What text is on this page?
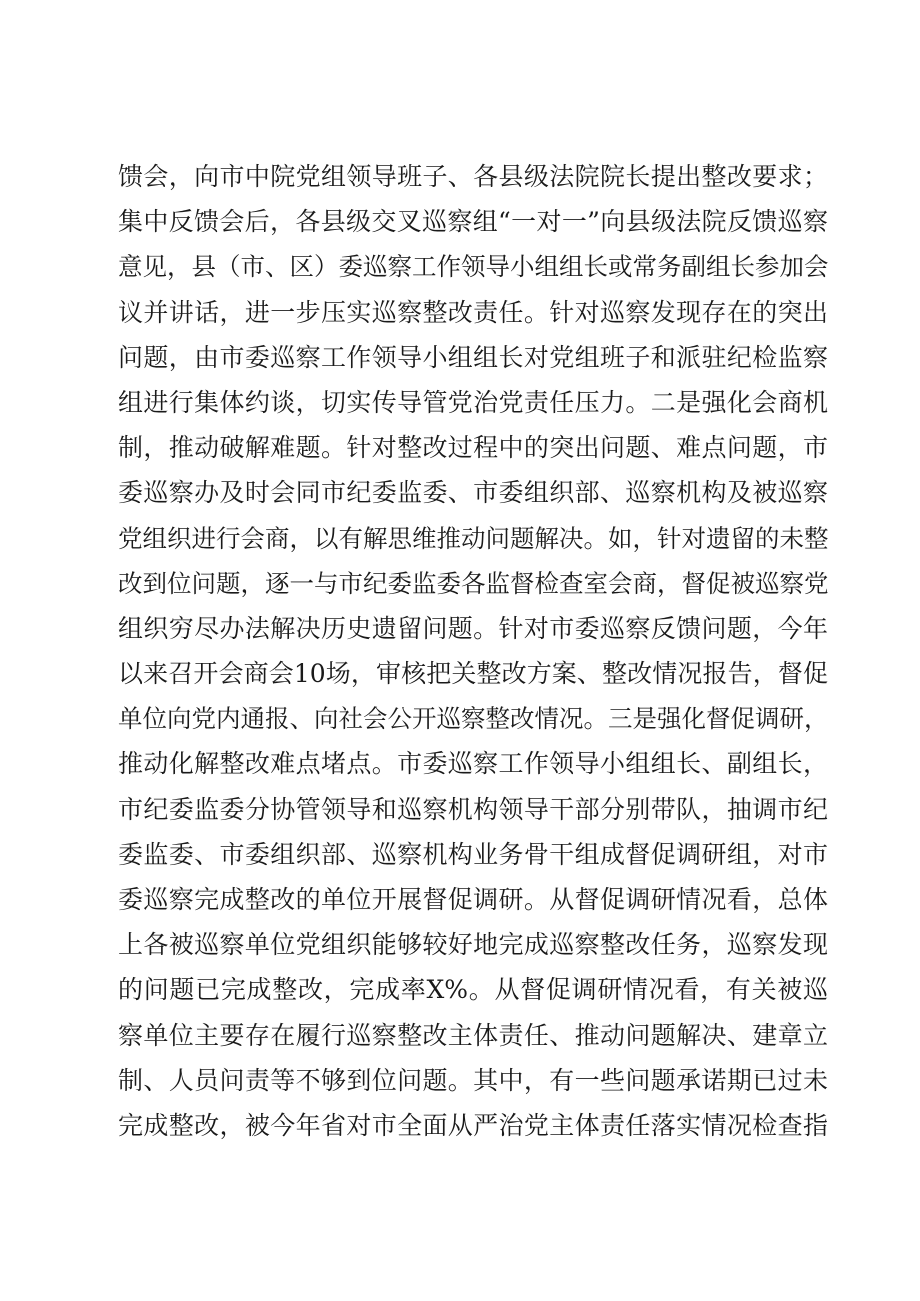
馈会，向市中院党组领导班子、各县级法院院长提出整改要求；
集中反馈会后，各县级交叉巡察组“一对一”向县级法院反馈巡察
意见，县（市、区）委巡察工作领导小组组长或常务副组长参加会
议并讲话，进一步压实巡察整改责任。针对巡察发现存在的突出
问题，由市委巡察工作领导小组组长对党组班子和派驻纪检监察
组进行集体约谈，切实传导管党治党责任压力。二是强化会商机
制，推动破解难题。针对整改过程中的突出问题、难点问题，市
委巡察办及时会同市纪委监委、市委组织部、巡察机构及被巡察
党组织进行会商，以有解思维推动问题解决。如，针对遗留的未整
改到位问题，逐一与市纪委监委各监督检查室会商，督促被巡察党
组织穷尽办法解决历史遗留问题。针对市委巡察反馈问题，今年
以来召开会商会10场，审核把关整改方案、整改情况报告，督促
单位向党内通报、向社会公开巡察整改情况。三是强化督促调研，
推动化解整改难点堵点。市委巡察工作领导小组组长、副组长，
市纪委监委分协管领导和巡察机构领导干部分别带队，抽调市纪
委监委、市委组织部、巡察机构业务骨干组成督促调研组，对市
委巡察完成整改的单位开展督促调研。从督促调研情况看，总体
上各被巡察单位党组织能够较好地完成巡察整改任务，巡察发现
的问题已完成整改，完成率X%。从督促调研情况看，有关被巡
察单位主要存在履行巡察整改主体责任、推动问题解决、建章立
制、人员问责等不够到位问题。其中，有一些问题承诺期已过未
完成整改，被今年省对市全面从严治党主体责任落实情况检查指
